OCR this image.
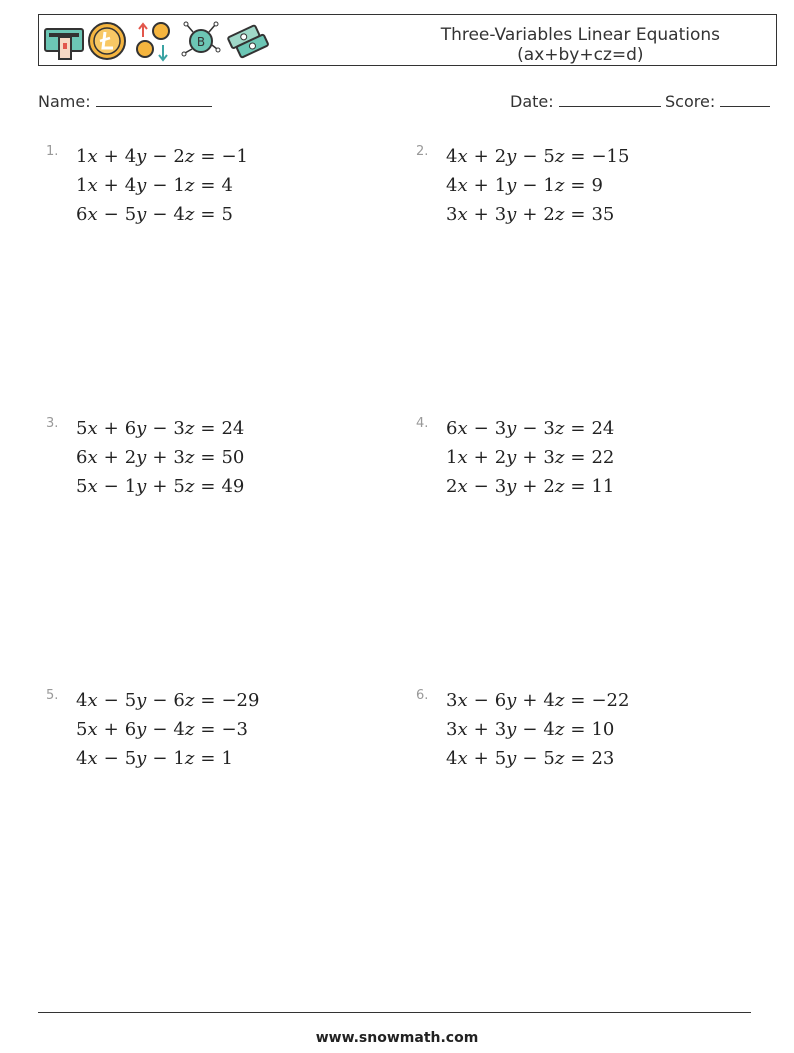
B	Three-Variables Linear Equations
(ax+by+cz=d)
Name:	Date:	Score:
1. 1x + 4y − 2z = −1
1x + 4y − 1z = 4
6x − 5y − 4z = 5
2. 4x + 2y − 5z = −15
4x + 1y − 1z = 9
3x + 3y + 2z = 35
3. 5x + 6y − 3z = 24
6x + 2y + 3z = 50
5x − 1y + 5z = 49
4. 6x − 3y − 3z = 24
1x + 2y + 3z = 22
2x − 3y + 2z = 11
5. 4x − 5y − 6z = −29
5x + 6y − 4z = −3
4x − 5y − 1z = 1
6. 3x − 6y + 4z = −22
3x + 3y − 4z = 10
4x + 5y − 5z = 23
www.snowmath.com
